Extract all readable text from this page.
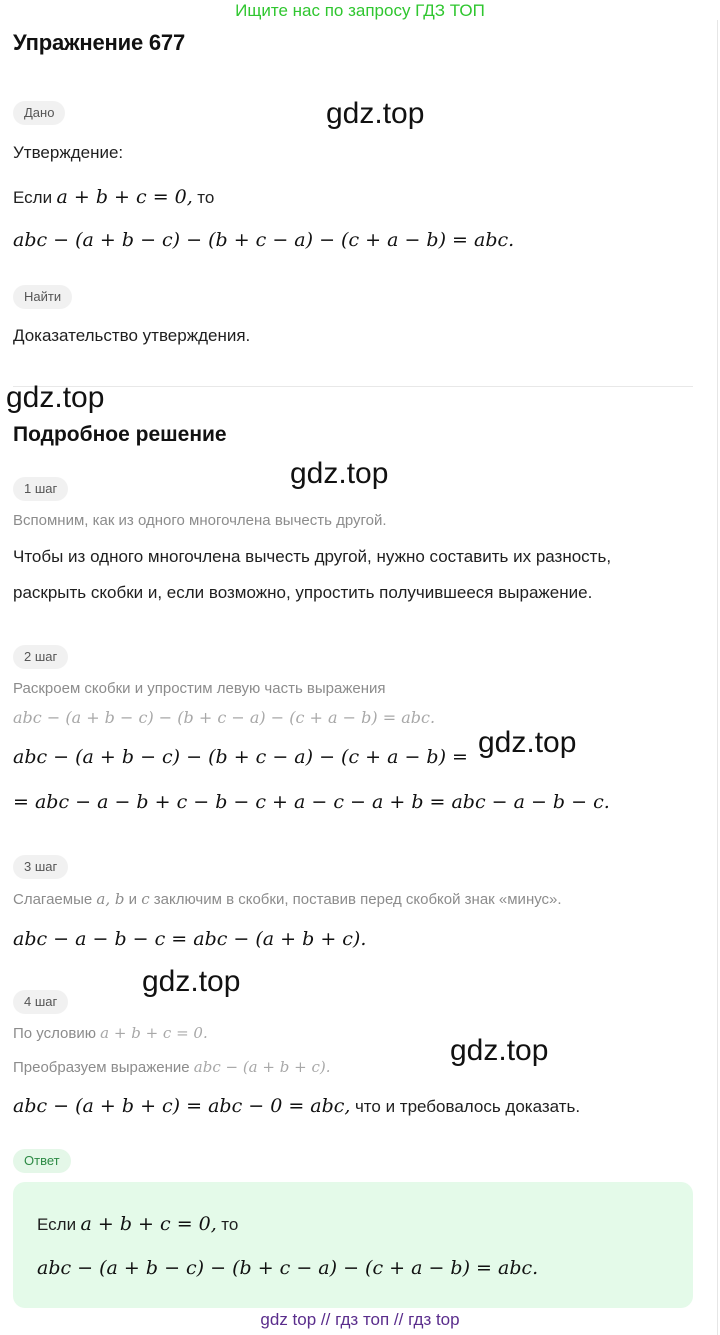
Ищите нас по запросу ГДЗ ТОП
Упражнение 677
Дано
Утверждение:
Если a + b + c = 0, то
abc − (a + b − c) − (b + c − a) − (c + a − b) = abc.
Найти
Доказательство утверждения.
Подробное решение
1 шаг
Вспомним, как из одного многочлена вычесть другой.
Чтобы из одного многочлена вычесть другой, нужно составить их разность,
раскрыть скобки и, если возможно, упростить получившееся выражение.
2 шаг
Раскроем скобки и упростим левую часть выражения
abc − (a + b − c) − (b + c − a) − (c + a − b) = abc.
abc − (a + b − c) − (b + c − a) − (c + a − b) =
= abc − a − b + c − b − c + a − c − a + b = abc − a − b − c.
3 шаг
Слагаемые a, b и c заключим в скобки, поставив перед скобкой знак «минус».
abc − a − b − c = abc − (a + b + c).
4 шаг
По условию a + b + c = 0.
Преобразуем выражение abc − (a + b + c).
abc − (a + b + c) = abc − 0 = abc, что и требовалось доказать.
Ответ
Если a + b + c = 0, то
abc − (a + b − c) − (b + c − a) − (c + a − b) = abc.
gdz.top
gdz.top
gdz.top
gdz.top
gdz.top
gdz.top
gdz top // гдз топ // гдз top
